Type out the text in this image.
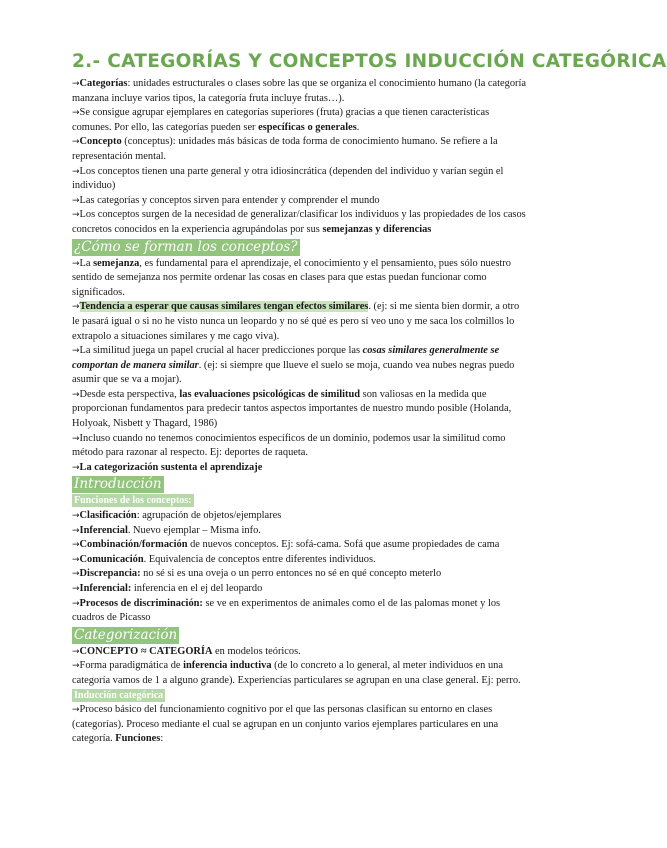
2.- CATEGORÍAS Y CONCEPTOS INDUCCIÓN CATEGÓRICA

→Categorías: unidades estructurales o clases sobre las que se organiza el conocimiento humano (la categoría manzana incluye varios tipos, la categoría fruta incluye frutas…).

→Se consigue agrupar ejemplares en categorías superiores (fruta) gracias a que tienen características comunes. Por ello, las categorías pueden ser específicas o generales.

→Concepto (conceptus): unidades más básicas de toda forma de conocimiento humano. Se refiere a la representación mental.

→Los conceptos tienen una parte general y otra idiosincrática (dependen del individuo y varían según el individuo)

→Las categorías y conceptos sirven para entender y comprender el mundo

→Los conceptos surgen de la necesidad de generalizar/clasificar los individuos y las propiedades de los casos concretos conocidos en la experiencia agrupándolas por sus semejanzas y diferencias

¿Cómo se forman los conceptos?

→La semejanza, es fundamental para el aprendizaje, el conocimiento y el pensamiento, pues sólo nuestro sentido de semejanza nos permite ordenar las cosas en clases para que estas puedan funcionar como significados.

→Tendencia a esperar que causas similares tengan efectos similares. (ej: si me sienta bien dormir, a otro le pasará igual o si no he visto nunca un leopardo y no sé qué es pero sí veo uno y me saca los colmillos lo extrapolo a situaciones similares y me cago viva).

→La similitud juega un papel crucial al hacer predicciones porque las cosas similares generalmente se comportan de manera similar. (ej: si siempre que llueve el suelo se moja, cuando vea nubes negras puedo asumir que se va a mojar).

→Desde esta perspectiva, las evaluaciones psicológicas de similitud son valiosas en la medida que proporcionan fundamentos para predecir tantos aspectos importantes de nuestro mundo posible (Holanda, Holyoak, Nisbett y Thagard, 1986)

→Incluso cuando no tenemos conocimientos específicos de un dominio, podemos usar la similitud como método para razonar al respecto. Ej: deportes de raqueta.

→La categorización sustenta el aprendizaje

Introducción
Funciones de los conceptos:

→Clasificación: agrupación de objetos/ejemplares

→Inferencial. Nuevo ejemplar – Misma info.

→Combinación/formación de nuevos conceptos. Ej: sofá-cama. Sofá que asume propiedades de cama

→Comunicación. Equivalencia de conceptos entre diferentes individuos.

→Discrepancia: no sé si es una oveja o un perro entonces no sé en qué concepto meterlo

→Inferencial: inferencia en el ej del leopardo

→Procesos de discriminación: se ve en experimentos de animales como el de las palomas monet y los cuadros de Picasso

Categorización

→CONCEPTO ≈ CATEGORÍA en modelos teóricos.

→Forma paradigmática de inferencia inductiva (de lo concreto a lo general, al meter individuos en una categoría vamos de 1 a alguno grande). Experiencias particulares se agrupan en una clase general. Ej: perro.

Inducción categórica

→Proceso básico del funcionamiento cognitivo por el que las personas clasifican su entorno en clases (categorías). Proceso mediante el cual se agrupan en un conjunto varios ejemplares particulares en una categoría. Funciones:
